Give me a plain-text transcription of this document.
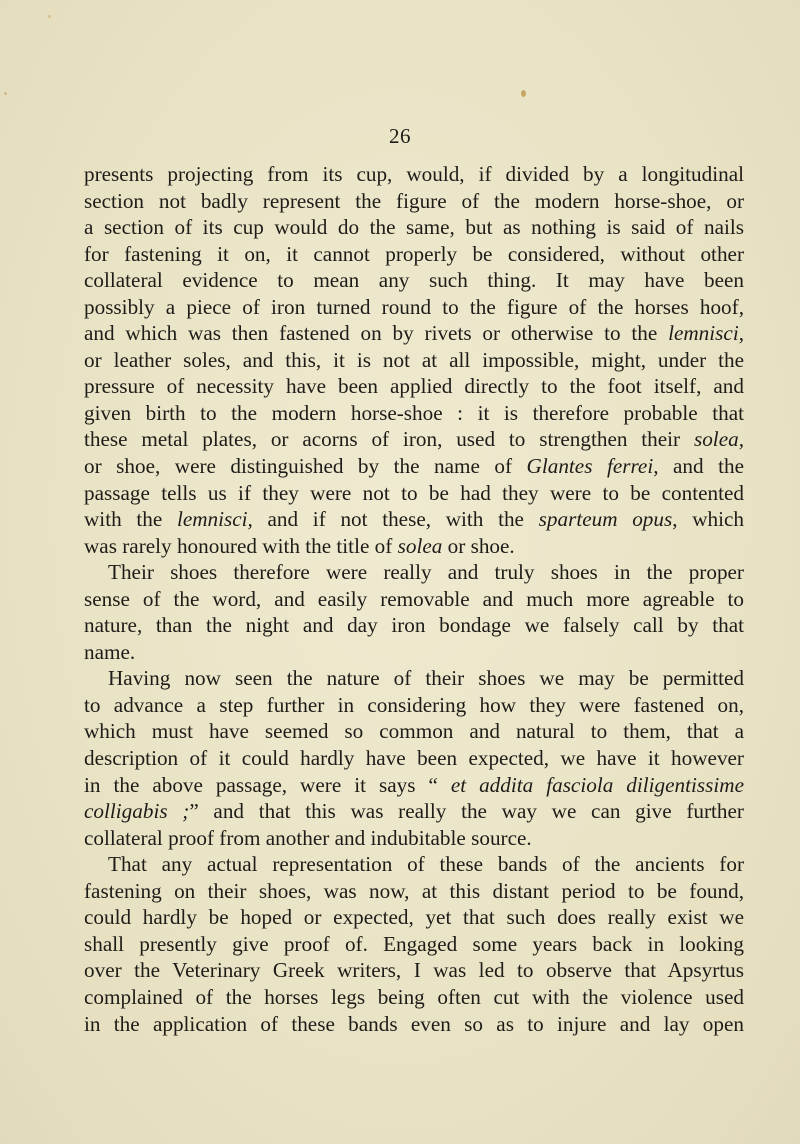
26
presents projecting from its cup, would, if divided by a longitudinal
section not badly represent the figure of the modern horse-shoe, or
a section of its cup would do the same, but as nothing is said of nails
for fastening it on, it cannot properly be considered, without other
collateral evidence to mean any such thing. It may have been
possibly a piece of iron turned round to the figure of the horses hoof,
and which was then fastened on by rivets or otherwise to the lemnisci,
or leather soles, and this, it is not at all impossible, might, under the
pressure of necessity have been applied directly to the foot itself, and
given birth to the modern horse-shoe : it is therefore probable that
these metal plates, or acorns of iron, used to strengthen their solea,
or shoe, were distinguished by the name of Glantes ferrei, and the
passage tells us if they were not to be had they were to be contented
with the lemnisci, and if not these, with the sparteum opus, which
was rarely honoured with the title of solea or shoe.
Their shoes therefore were really and truly shoes in the proper
sense of the word, and easily removable and much more agreable to
nature, than the night and day iron bondage we falsely call by that
name.
Having now seen the nature of their shoes we may be permitted
to advance a step further in considering how they were fastened on,
which must have seemed so common and natural to them, that a
description of it could hardly have been expected, we have it however
in the above passage, were it says “ et addita fasciola diligentissime
colligabis ;” and that this was really the way we can give further
collateral proof from another and indubitable source.
That any actual representation of these bands of the ancients for
fastening on their shoes, was now, at this distant period to be found,
could hardly be hoped or expected, yet that such does really exist we
shall presently give proof of. Engaged some years back in looking
over the Veterinary Greek writers, I was led to observe that Apsyrtus
complained of the horses legs being often cut with the violence used
in the application of these bands even so as to injure and lay open
